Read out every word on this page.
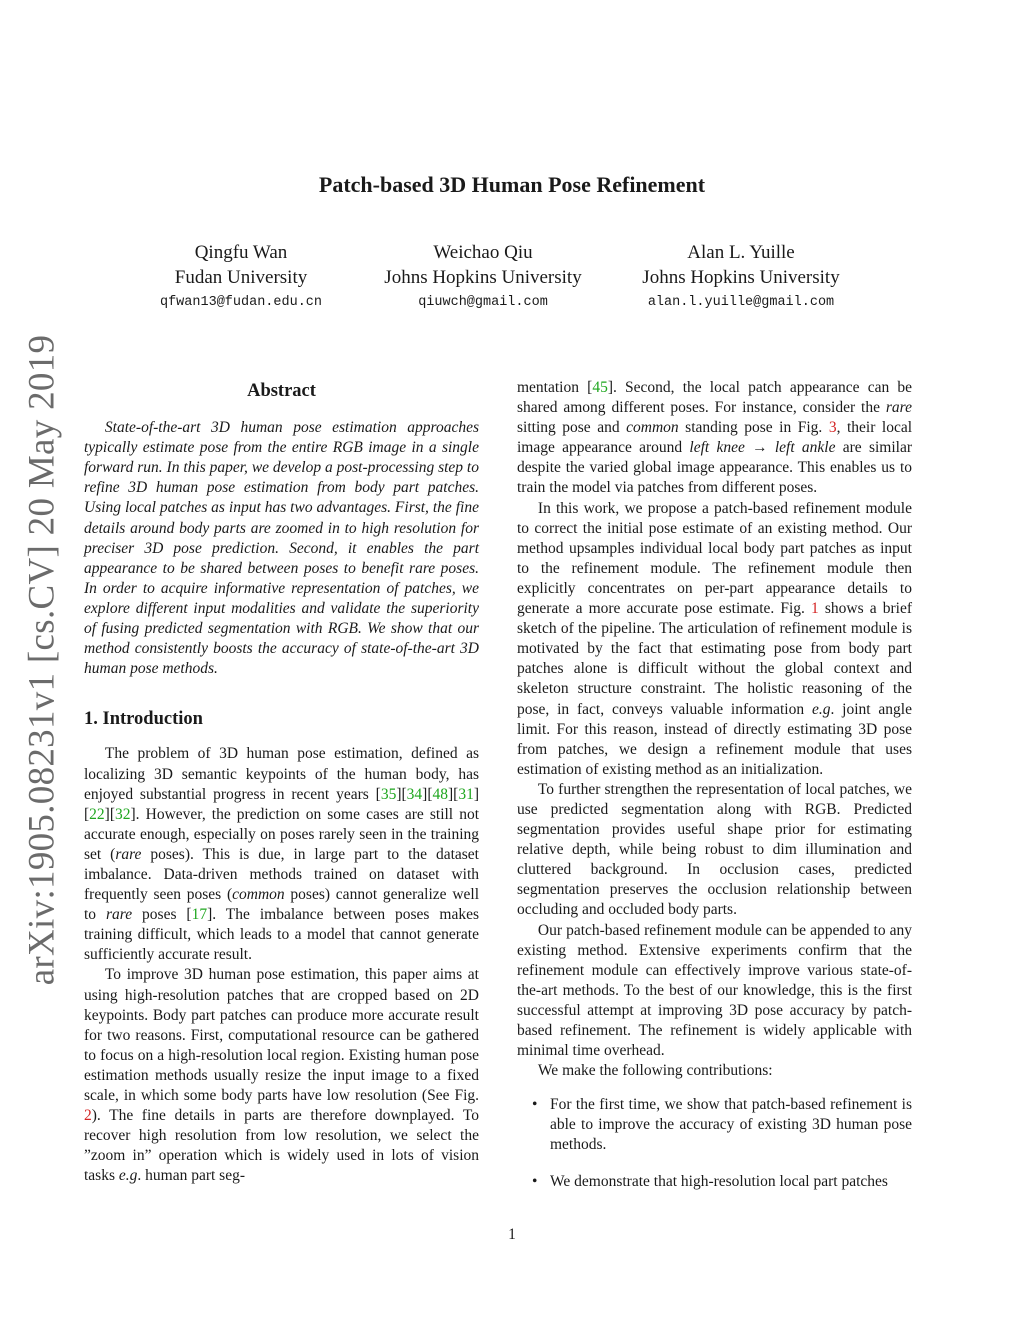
arXiv:1905.08231v1 [cs.CV] 20 May 2019
Patch-based 3D Human Pose Refinement
Qingfu Wan
Fudan University
qfwan13@fudan.edu.cn
Weichao Qiu
Johns Hopkins University
qiuwch@gmail.com
Alan L. Yuille
Johns Hopkins University
alan.l.yuille@gmail.com
Abstract

State-of-the-art 3D human pose estimation approaches typically estimate pose from the entire RGB image in a single forward run. In this paper, we develop a post-processing step to refine 3D human pose estimation from body part patches. Using local patches as input has two advantages. First, the fine details around body parts are zoomed in to high resolution for preciser 3D pose prediction. Second, it enables the part appearance to be shared between poses to benefit rare poses. In order to acquire informative representation of patches, we explore different input modalities and validate the superiority of fusing predicted segmentation with RGB. We show that our method consistently boosts the accuracy of state-of-the-art 3D human pose methods.

1. Introduction

The problem of 3D human pose estimation, defined as localizing 3D semantic keypoints of the human body, has enjoyed substantial progress in recent years [35][34][48][31][22][32]. However, the prediction on some cases are still not accurate enough, especially on poses rarely seen in the training set (rare poses). This is due, in large part to the dataset imbalance. Data-driven methods trained on dataset with frequently seen poses (common poses) cannot generalize well to rare poses [17]. The imbalance between poses makes training difficult, which leads to a model that cannot generate sufficiently accurate result.

To improve 3D human pose estimation, this paper aims at using high-resolution patches that are cropped based on 2D keypoints. Body part patches can produce more accurate result for two reasons. First, computational resource can be gathered to focus on a high-resolution local region. Existing human pose estimation methods usually resize the input image to a fixed scale, in which some body parts have low resolution (See Fig. 2). The fine details in parts are therefore downplayed. To recover high resolution from low resolution, we select the ”zoom in” operation which is widely used in lots of vision tasks e.g. human part seg-

mentation [45]. Second, the local patch appearance can be shared among different poses. For instance, consider the rare sitting pose and common standing pose in Fig. 3, their local image appearance around left knee → left ankle are similar despite the varied global image appearance. This enables us to train the model via patches from different poses.

In this work, we propose a patch-based refinement module to correct the initial pose estimate of an existing method. Our method upsamples individual local body part patches as input to the refinement module. The refinement module then explicitly concentrates on per-part appearance details to generate a more accurate pose estimate. Fig. 1 shows a brief sketch of the pipeline. The articulation of refinement module is motivated by the fact that estimating pose from body part patches alone is difficult without the global context and skeleton structure constraint. The holistic reasoning of the pose, in fact, conveys valuable information e.g. joint angle limit. For this reason, instead of directly estimating 3D pose from patches, we design a refinement module that uses estimation of existing method as an initialization.

To further strengthen the representation of local patches, we use predicted segmentation along with RGB. Predicted segmentation provides useful shape prior for estimating relative depth, while being robust to dim illumination and cluttered background. In occlusion cases, predicted segmentation preserves the occlusion relationship between occluding and occluded body parts.

Our patch-based refinement module can be appended to any existing method. Extensive experiments confirm that the refinement module can effectively improve various state-of-the-art methods. To the best of our knowledge, this is the first successful attempt at improving 3D pose accuracy by patch-based refinement. The refinement is widely applicable with minimal time overhead.

We make the following contributions:

• For the first time, we show that patch-based refinement is able to improve the accuracy of existing 3D human pose methods.
• We demonstrate that high-resolution local part patches
1
